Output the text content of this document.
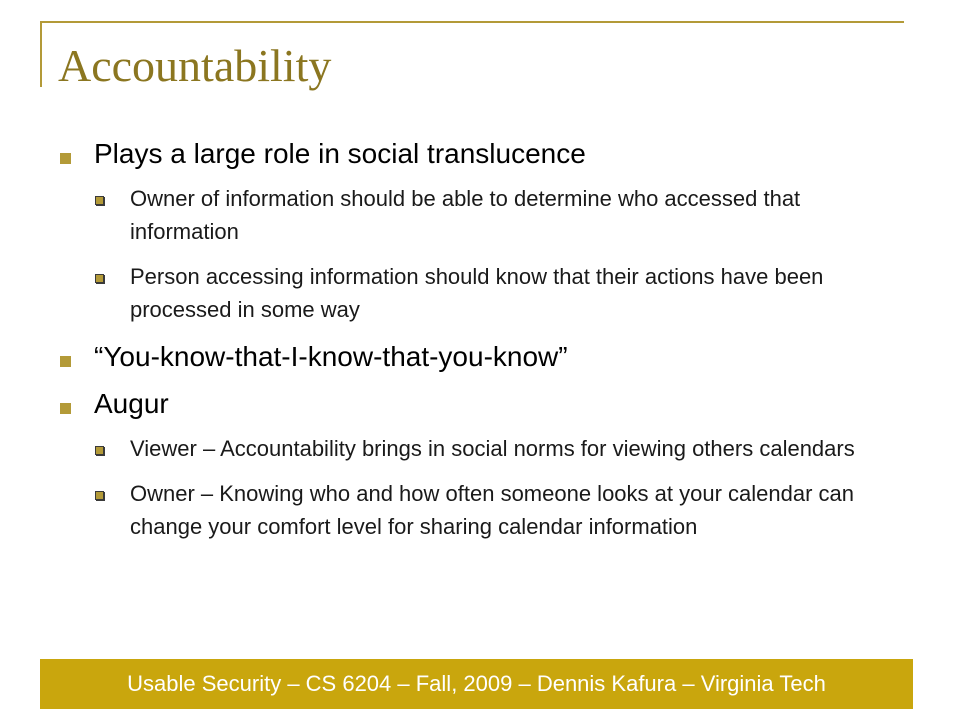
Accountability
Plays a large role in social translucence
Owner of information should be able to determine who accessed that information
Person accessing information should know that their actions have been processed in some way
“You-know-that-I-know-that-you-know”
Augur
Viewer – Accountability brings in social norms for viewing others calendars
Owner – Knowing who and how often someone looks at your calendar can change your comfort level for sharing calendar information
Usable Security – CS 6204 – Fall, 2009 – Dennis Kafura – Virginia Tech
